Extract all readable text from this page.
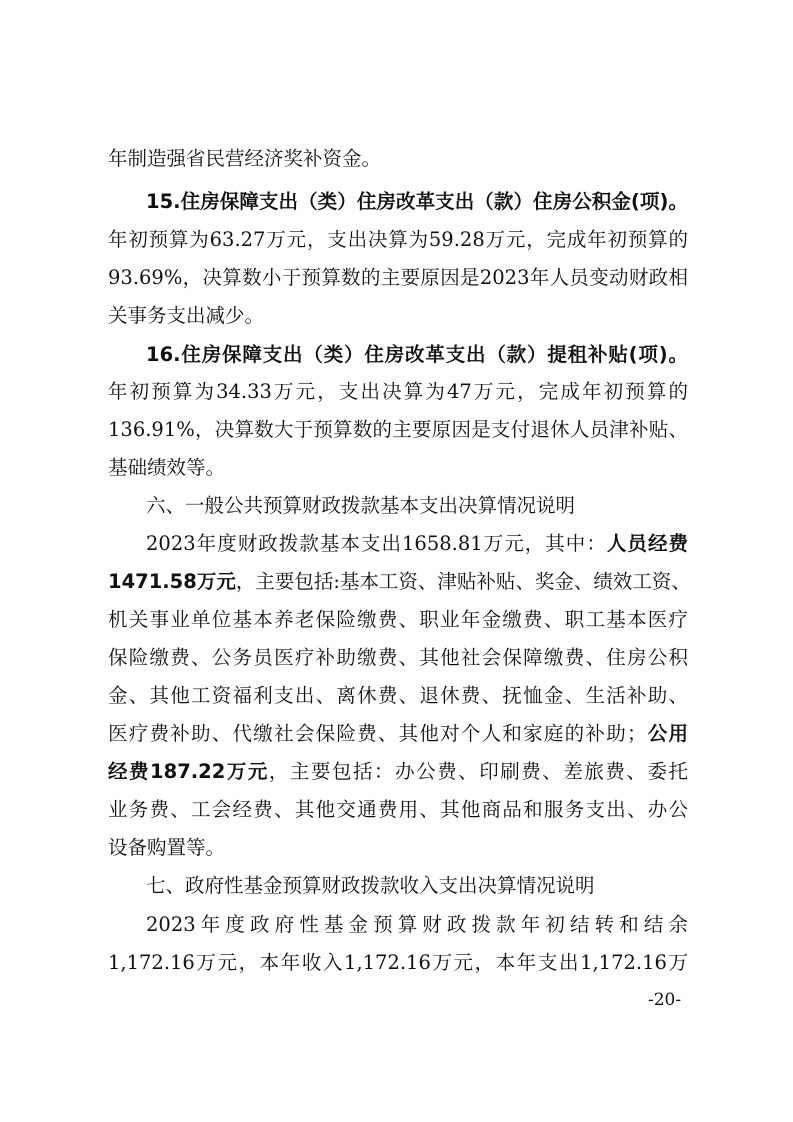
年制造强省民营经济奖补资金。
15.住房保障支出（类）住房改革支出（款）住房公积金(项)。
年初预算为63.27万元，支出决算为59.28万元，完成年初预算的
93.69%，决算数小于预算数的主要原因是2023年人员变动财政相
关事务支出减少。
16.住房保障支出（类）住房改革支出（款）提租补贴(项)。
年初预算为34.33万元，支出决算为47万元，完成年初预算的
136.91%，决算数大于预算数的主要原因是支付退休人员津补贴、
基础绩效等。
六、一般公共预算财政拨款基本支出决算情况说明
2023年度财政拨款基本支出1658.81万元，其中：人员经费
1471.58万元，主要包括:基本工资、津贴补贴、奖金、绩效工资、
机关事业单位基本养老保险缴费、职业年金缴费、职工基本医疗
保险缴费、公务员医疗补助缴费、其他社会保障缴费、住房公积
金、其他工资福利支出、离休费、退休费、抚恤金、生活补助、
医疗费补助、代缴社会保险费、其他对个人和家庭的补助；公用
经费187.22万元，主要包括：办公费、印刷费、差旅费、委托
业务费、工会经费、其他交通费用、其他商品和服务支出、办公
设备购置等。
七、政府性基金预算财政拨款收入支出决算情况说明
2023年度政府性基金预算财政拨款年初结转和结余
1,172.16万元，本年收入1,172.16万元，本年支出1,172.16万
-20-
